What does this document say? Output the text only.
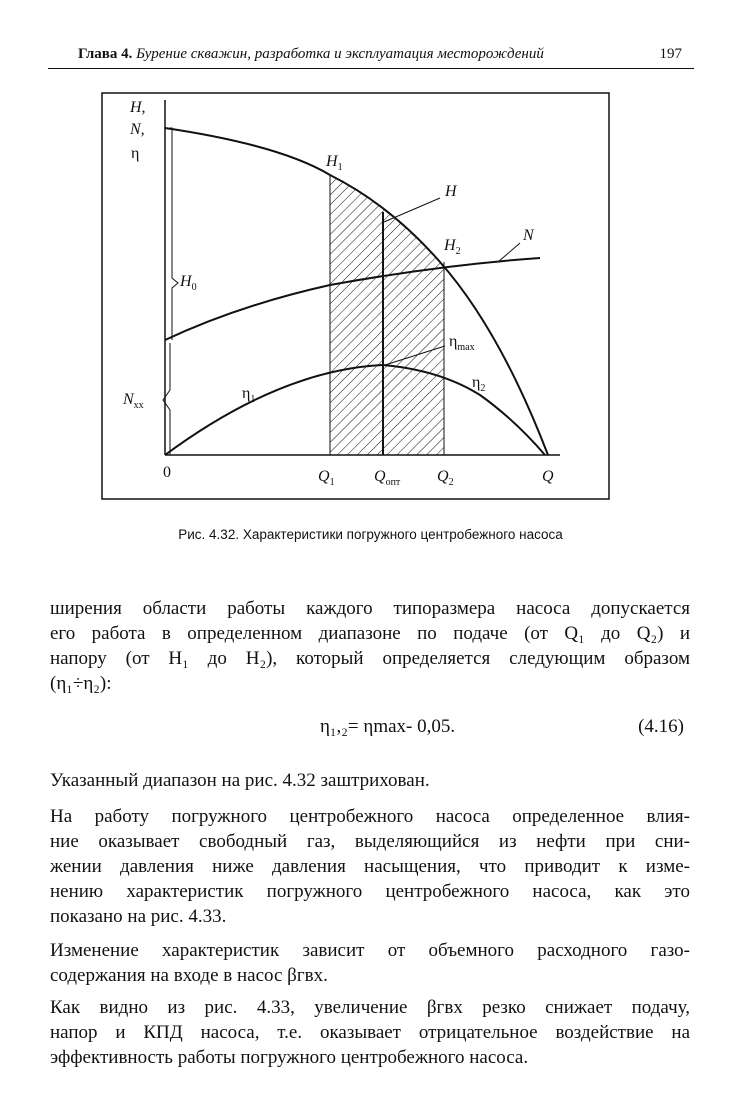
Глава 4. Бурение скважин, разработка и эксплуатация месторождений	197
H,
N,
η
$H_0$
$N_{хх}$
$H_1$
H
$H_2$
N
$\eta_{max}$
$\eta_1$
$\eta_2$
0	$Q_1$ $Q_{опт}$ $Q_2$	Q
Рис. 4.32. Характеристики погружного центробежного насоса
ширения области работы каждого типоразмера насоса допускается
его работа в определенном диапазоне по подаче (от Q₁ до Q₂) и
напору (от H₁ до H₂), который определяется следующим образом
(η₁÷η₂):
η₁,₂= ηmax- 0,05.	(4.16)
Указанный диапазон на рис. 4.32 заштрихован.
На работу погружного центробежного насоса определенное влия-
ние оказывает свободный газ, выделяющийся из нефти при сни-
жении давления ниже давления насыщения, что приводит к изме-
нению характеристик погружного центробежного насоса, как это
показано на рис. 4.33.
Изменение характеристик зависит от объемного расходного газо-
содержания на входе в насос βгвх.
Как видно из рис. 4.33, увеличение βгвх резко снижает подачу,
напор и КПД насоса, т.е. оказывает отрицательное воздействие на
эффективность работы погружного центробежного насоса.
